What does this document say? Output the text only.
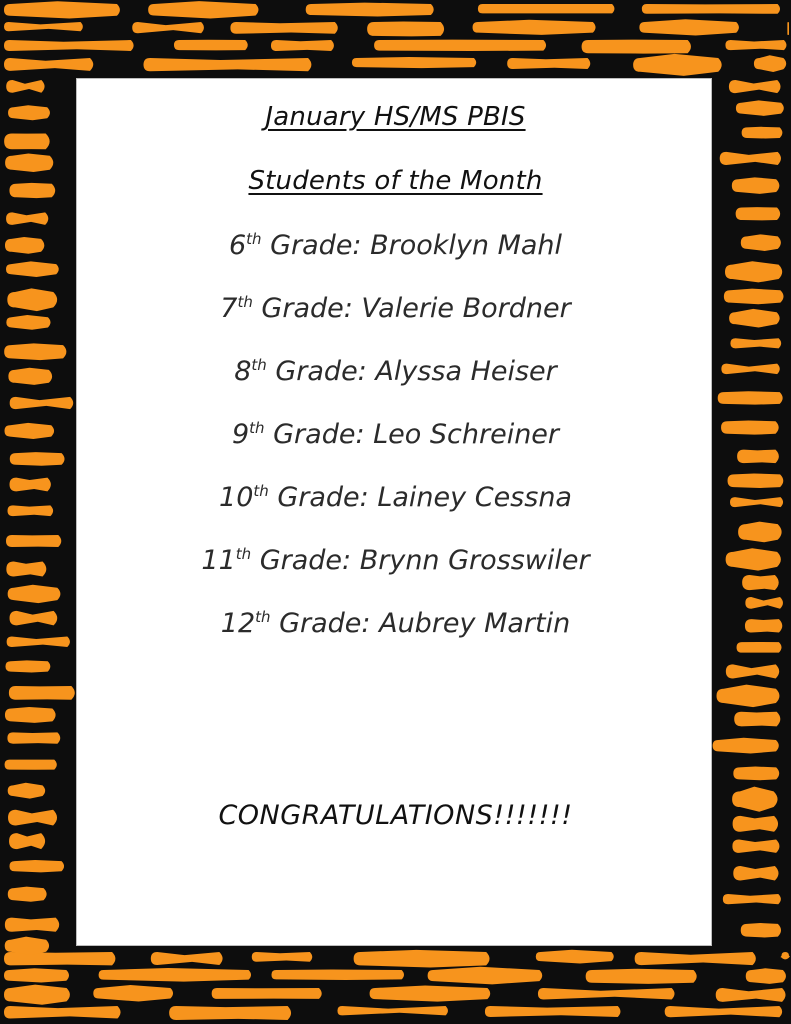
January HS/MS PBIS
Students of the Month
6th Grade: Brooklyn Mahl
7th Grade: Valerie Bordner
8th Grade: Alyssa Heiser
9th Grade: Leo Schreiner
10th Grade: Lainey Cessna
11th Grade: Brynn Grosswiler
12th Grade: Aubrey Martin
CONGRATULATIONS!!!!!!!
